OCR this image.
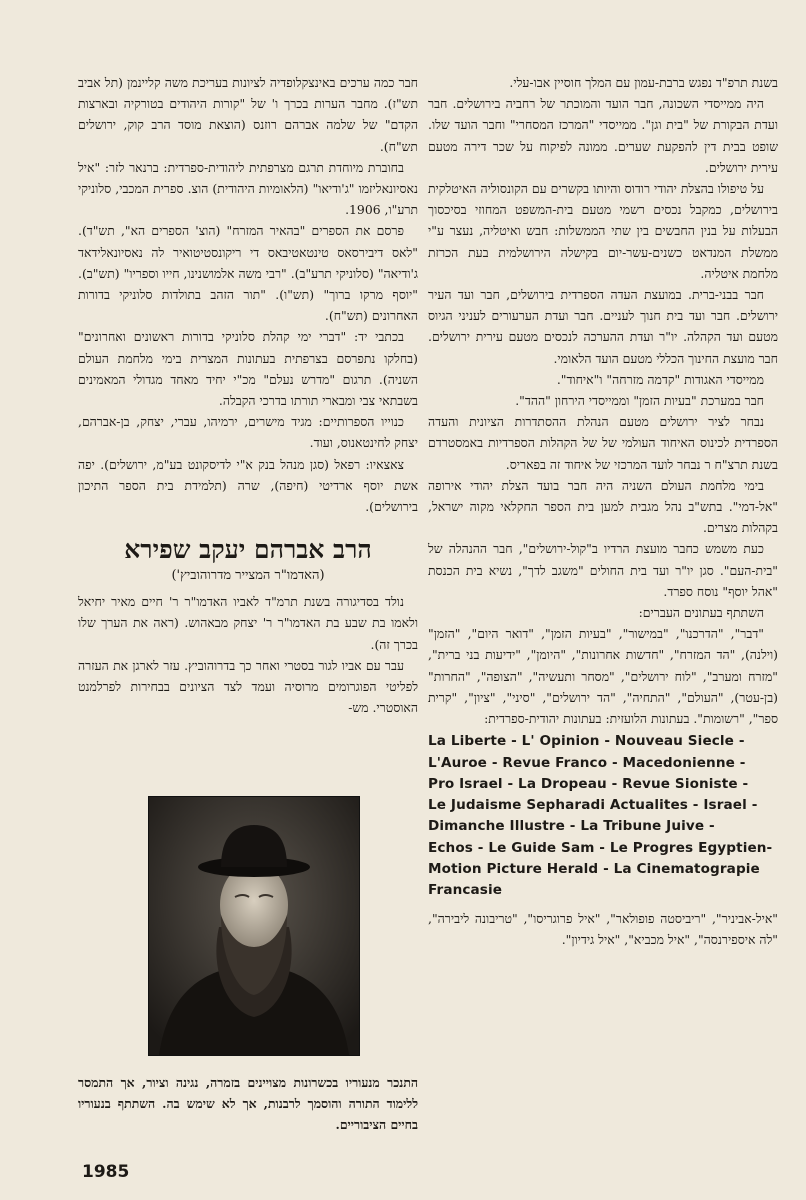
בשנת תרפ"ד נפגש ברבת-עמון עם המלך חוסיין אבו-עלי.

היה ממייסדי השכונה, חבר הועד והמוכתר של רחביה בירושלים. חבר ועדת הבקורת של "בית וגן". ממייסדי "המרכז המסחרי" וחבר הועד שלו. שופט בבית דין להפקעת שערים. ממונה לפיקוח על שכר דירה מטעם עירית ירושלים.

על טיפולו בהצלת יהודי רודוס והיותו בקשרים עם הקונסוליה האיטלקית בירושלים, כמקבל נכסים רשמי מטעם בית-המשפט המחוזי בסיכסוך הבעלות על בנין החבשים בין שתי הממשלות: חבש ואיטליה, נעצר ע"י ממשלת המנדאט כשנים-עשר-יום בקישלה הירושלמית בעת הכרזת מלחמת איטליה.

חבר בבני-ברית. במועצת העדה הספרדית בירושלים, חבר ועד העיר ירושלים. חבר ועד בית חנוך לעניים. חבר ועדת הערעורים לעניני הגיוס מטעם ועד הקהלה. יו"ר ועדת ההערכה לנכסים מטעם עירית ירושלים. חבר מועצת החינוך הכללי מטעם הועד הלאומי.

ממייסדי האגודות "קדמה מזרחה" ו"איחוד".

חבר במערכת "בעיות הזמן" וממייסדי הירחון "ההד".

נבחר לציר ירושלים מטעם הנהלת ההסתדרות הציונית והעדה הספרדית לכינוס האיחוד העולמי של של הקהלות הספרדיות באמסטרדם בשנת תרצ"ח ר נבחר לועד המרכזי של איחוד זה בפאריס.

בימי מלחמת העולם השניה היה חבר בועד הצלת יהודי אירופה "אל-דמי". בתש"ב נהל מגבית למען בית הספר החקלאי מקוה ישראל, בקהלות מצרים.

כעת משמש כחבר מועצת הרדיו ב"קול-ירושלים", חבר ההנהלה של "בית-העם". סגן יו"ר ועד בית החולים "משגב לדך", נשיא בית הכנסת "אהל יוסף" נוסח ספרד.

השתתף בעתונים העברים:

"דבר", "הדרכנו", "במישור", "בעיות הזמן", "דואר היום", "הזמן" (וילנה), "הד המזרח", "חדשות אחרונות", "היומן", "ידיעות בני ברית", "מזרח ומערב", "לוח ירושלים", "מסחר ותעשיה", "הצופה", "החרות" (בן-עטר), "העולם", "התחיה", "הד ירושלים", "סיני", "ציון", "קרית ספר", "רשומות". בעתונות הלועזית: בעתונות יהודית-ספרדית:

La Liberte - L' Opinion - Nouveau Siecle -
L'Auroe - Revue Franco - Macedonienne -
Pro Israel - La Dropeau - Revue Sioniste -
Le Judaisme Sepharadi Actualites - Israel -
Dimanche Illustre - La Tribune Juive -
Echos - Le Guide Sam - Le Progres Egyptien-
Motion Picture Herald - La Cinematograpie
Francasie

"איל-אביניר", "ריביסטה פופולאר", "איל פרוגריסו", "טריבונה ליבירה", "לה איספירנסה", "איל מכביא", "איל גידיון".

חבר כמה ערכים באינצקלופדיה לציונות בעריכת משה קליינמן (תל אביב תש"ז). מחבר הערות בכרך ו' של "קורות היהודים בטורקיה ובארצות הקדם" של שלמה אברהם רוזנס (הוצאת מוסד הרב קוק, ירושלים תש"ח).

בחוברת מיוחדת תרגם מצרפתית ליהודית-ספרדית: ברנאר לזר: "איל נאסיונאליזמו "ג'ודיאו" (הלאומיות היהודית) הוצ. ספרית המכבי, סלוניקי תרע"ו, 1906.

פרסם את הספרים "בהאיר המזרח" (הוצ' הספרים הא", תש"ד). "לאס דיבירסאס טינטאטיבאס די ריקונסטיטואיר לה נאסיונאלידאד ג'ודיאה" (סלוניקי תרע"ב). "רבי משה אלמושנינו, חייו וספריו" (תש"ב). "יוסף מרקו ברוך" (תש"ו). "תור הזהב בתולדות סלוניקי בדורות האחרונים (תש"ח).

בכתבי יד: "דברי ימי קהלת סלוניקי בדורות ראשונים ואחרונים" (בחלקו נתפרסם בצרפתית בעתונות המצרית בימי מלחמת העולם השניה). תרגום "מדרש נעלם" מכ"י יחיד מאחד מגדולי המאמינים בשבתאי צבי ומבארי תורתו בדרכי הקבלה.

כנוייו הספרותיים: מגיד מישרים, ירמיהו, עברי, יצחק, בן-אברהם, יצחק לחינטאנוס, ועוד.

צאצאיו: רפאל (סגן מנהל בנק א"י לדיסקונט בע"מ, ירושלים). יפה אשת יוסף ארדיטי (חיפה), שרה (תלמידת בית הספר התיכון בירושלים).

הרב אברהם יעקב שפירא
(האדמו"ר המצייר מדרוהוביץ')

נולד בסדיגורה בשנת תרמ"ד לאביו האדמו"ר ר' חיים מאיר יחיאל ולאמו בת שבע בת האדמו"ר ר' יצחק מבאהוש. (ראה את הערך שלו בכרך זה).

עבר עם אביו לגור בסטרי ואחר כך בדרוהוביץ. עזר לארגן את העזרה לפליטי הפוגרומים מרוסיה ועמד לצד הציונים בבחירות לפרלמנט האוסטרי. מש-

התנכר מנעוריו בכשרונות מצויינים בזמרה, נגינה וציור, אך התמסר ללימוד התורה והוסמך לרבנות, אך לא שימש בה. השתתף בנעוריו בחיים הציבוריים.

1985
